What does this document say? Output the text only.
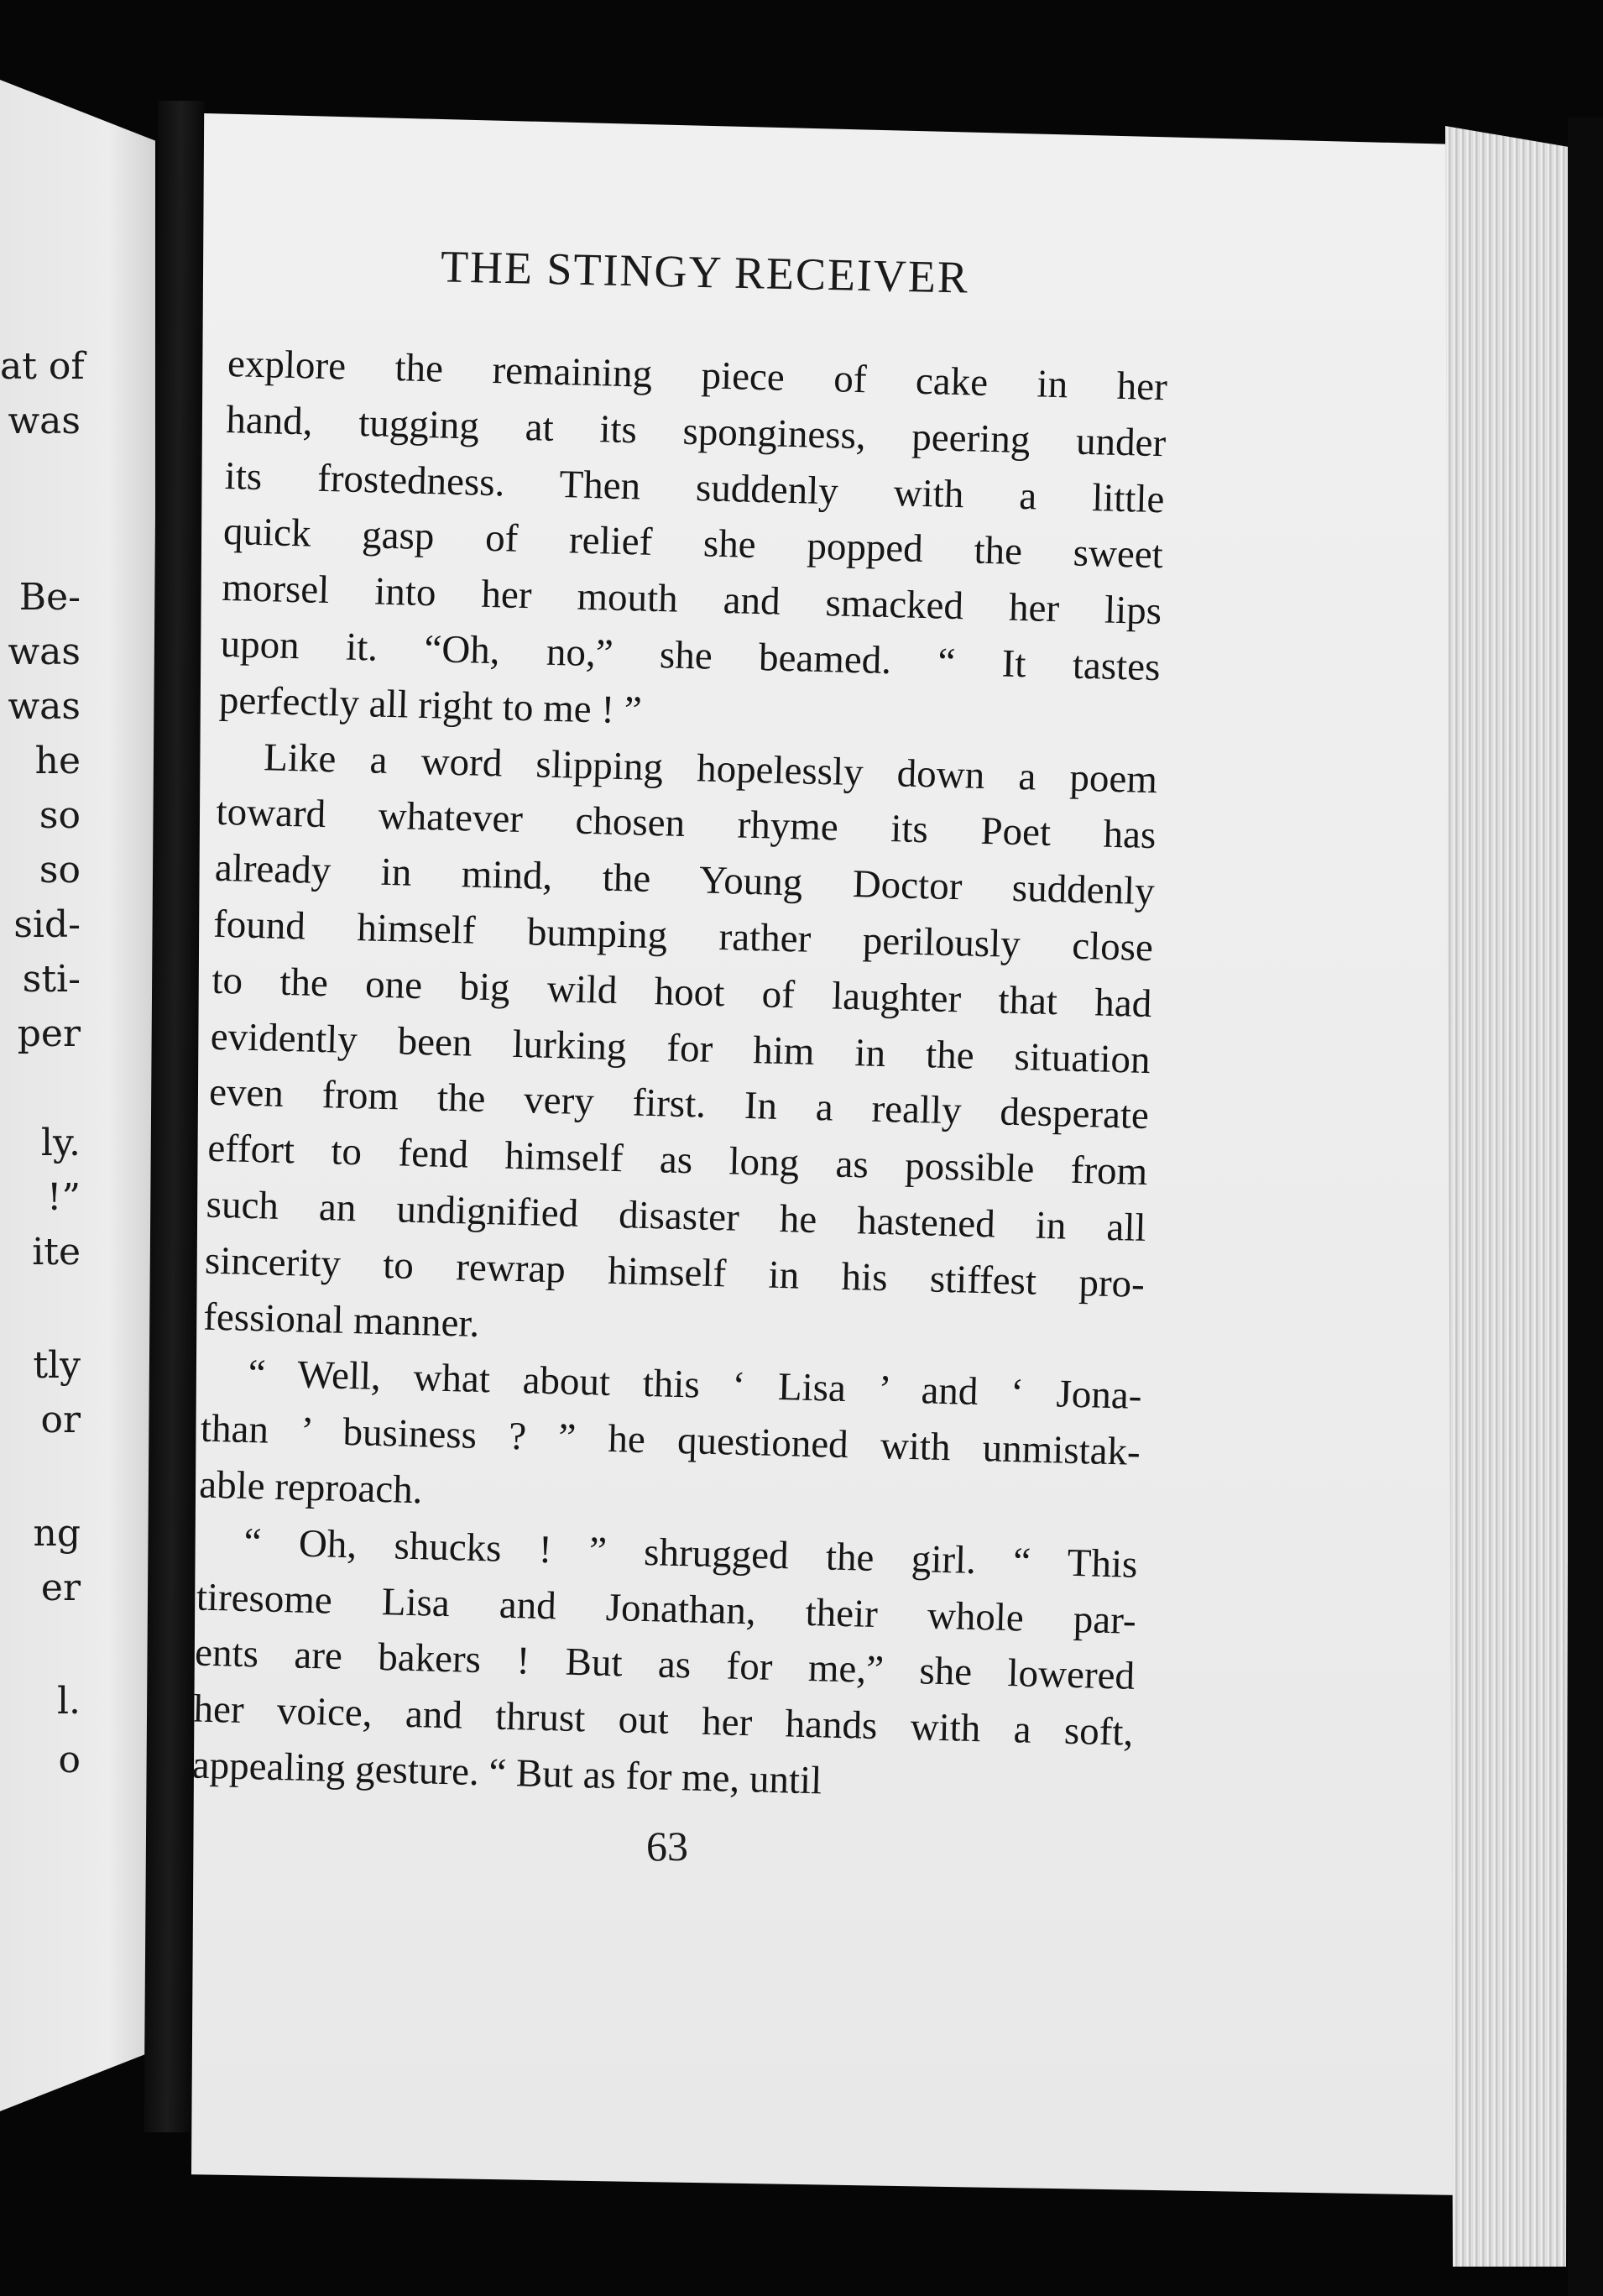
at of
was
Be-
was
was
he
so
so
sid-
sti-
per
ly.
!”
ite
tly
or
ng
er
l.
o
THE STINGY RECEIVER

explore the remaining piece of cake in her

hand, tugging at its sponginess, peering under

its frostedness. Then suddenly with a little

quick gasp of relief she popped the sweet

morsel into her mouth and smacked her lips

upon it. “Oh, no,” she beamed. “ It tastes

perfectly all right to me ! ”

Like a word slipping hopelessly down a poem

toward whatever chosen rhyme its Poet has

already in mind, the Young Doctor suddenly

found himself bumping rather perilously close

to the one big wild hoot of laughter that had

evidently been lurking for him in the situation

even from the very first. In a really desperate

effort to fend himself as long as possible from

such an undignified disaster he hastened in all

sincerity to rewrap himself in his stiffest pro-

fessional manner.

“ Well, what about this ‘ Lisa ’ and ‘ Jona-

than ’ business ? ” he questioned with unmistak-

able reproach.

“ Oh, shucks ! ” shrugged the girl. “ This

tiresome Lisa and Jonathan, their whole par-

ents are bakers ! But as for me,” she lowered

her voice, and thrust out her hands with a soft,

appealing gesture. “ But as for me, until

63
